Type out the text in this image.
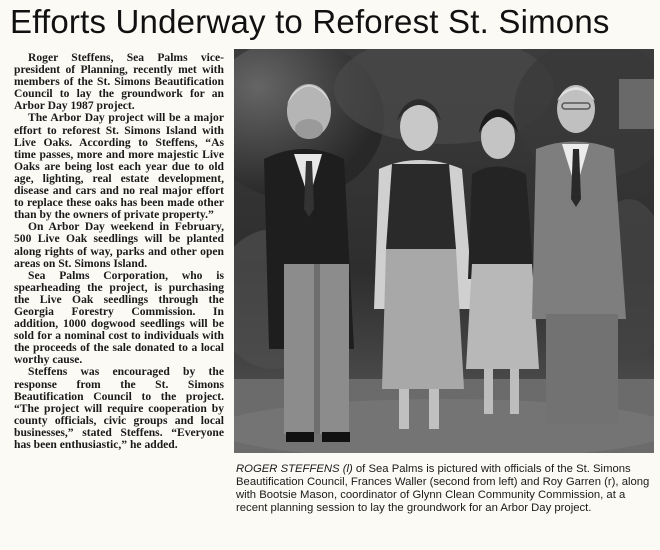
Efforts Underway to Reforest St. Simons

Roger Steffens, Sea Palms vice-president of Planning, recently met with members of the St. Simons Beautification Council to lay the groundwork for an Arbor Day 1987 project.

The Arbor Day project will be a major effort to reforest St. Simons Island with Live Oaks. According to Steffens, “As time passes, more and more majestic Live Oaks are being lost each year due to old age, lighting, real estate development, disease and cars and no real major effort to replace these oaks has been made other than by the owners of private property.”

On Arbor Day weekend in February, 500 Live Oak seedlings will be planted along rights of way, parks and other open areas on St. Simons Island.

Sea Palms Corporation, who is spearheading the project, is purchasing the Live Oak seedlings through the Georgia Forestry Commission. In addition, 1000 dogwood seedlings will be sold for a nominal cost to individuals with the proceeds of the sale donated to a local worthy cause.

Steffens was encouraged by the response from the St. Simons Beautification Council to the project. “The project will require cooperation by county officials, civic groups and local businesses,” stated Steffens. “Everyone has been enthusiastic,” he added.

ROGER STEFFENS (l) of Sea Palms is pictured with officials of the St. Simons Beautification Council, Frances Waller (second from left) and Roy Garren (r), along with Bootsie Mason, coordinator of Glynn Clean Community Commission, at a recent planning session to lay the groundwork for an Arbor Day project.
